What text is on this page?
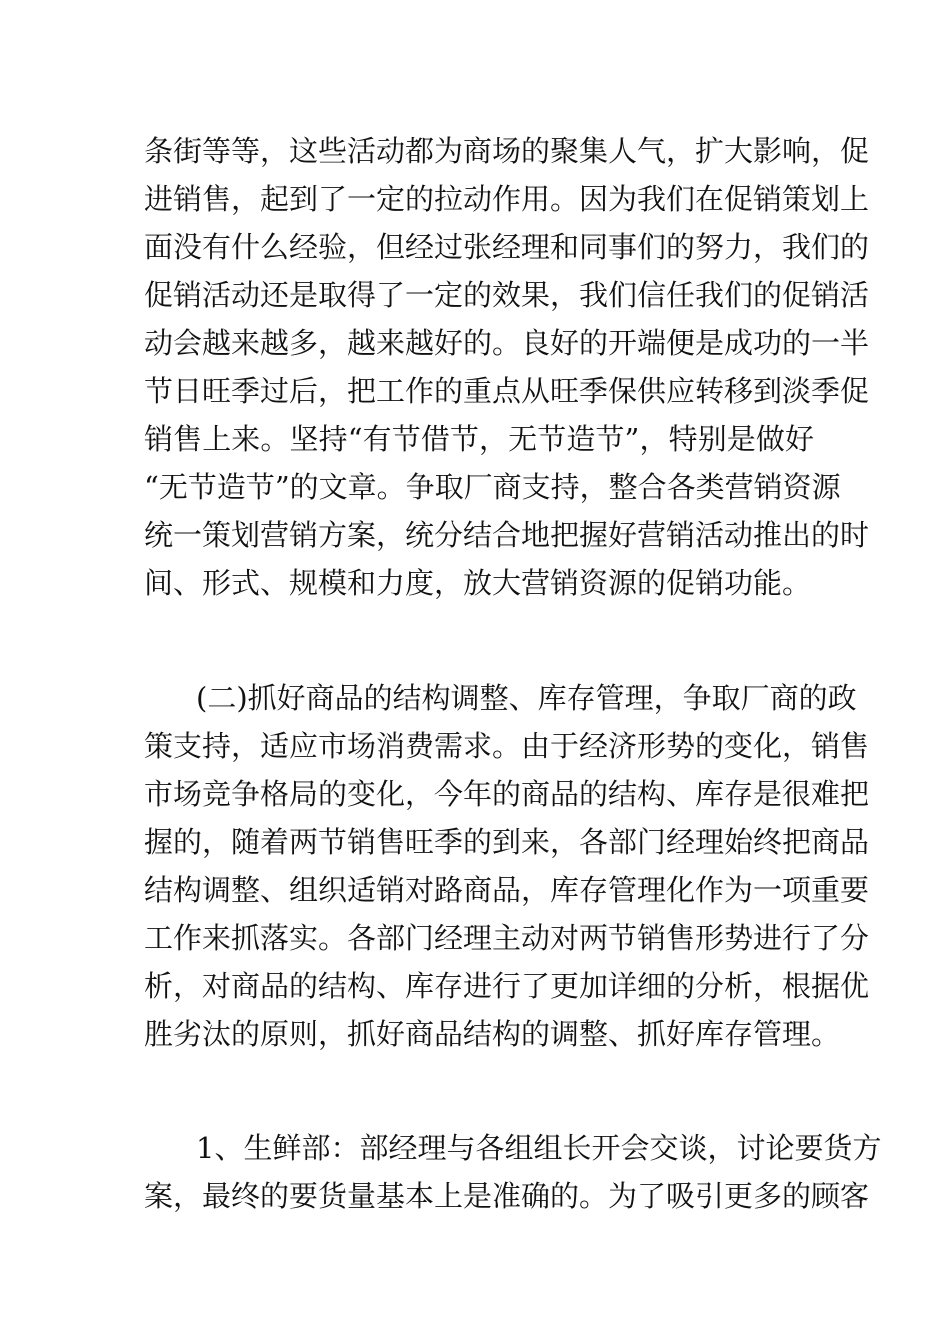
条街等等，这些活动都为商场的聚集人气，扩大影响，促
进销售，起到了一定的拉动作用。因为我们在促销策划上
面没有什么经验，但经过张经理和同事们的努力，我们的
促销活动还是取得了一定的效果，我们信任我们的促销活
动会越来越多，越来越好的。良好的开端便是成功的一半
节日旺季过后，把工作的重点从旺季保供应转移到淡季促
销售上来。坚持“有节借节，无节造节”，特别是做好
“无节造节”的文章。争取厂商支持，整合各类营销资源
统一策划营销方案，统分结合地把握好营销活动推出的时
间、形式、规模和力度，放大营销资源的促销功能。
(二)抓好商品的结构调整、库存管理，争取厂商的政
策支持，适应市场消费需求。由于经济形势的变化，销售
市场竞争格局的变化，今年的商品的结构、库存是很难把
握的，随着两节销售旺季的到来，各部门经理始终把商品
结构调整、组织适销对路商品，库存管理化作为一项重要
工作来抓落实。各部门经理主动对两节销售形势进行了分
析，对商品的结构、库存进行了更加详细的分析，根据优
胜劣汰的原则，抓好商品结构的调整、抓好库存管理。
1、生鲜部：部经理与各组组长开会交谈，讨论要货方
案，最终的要货量基本上是准确的。为了吸引更多的顾客
